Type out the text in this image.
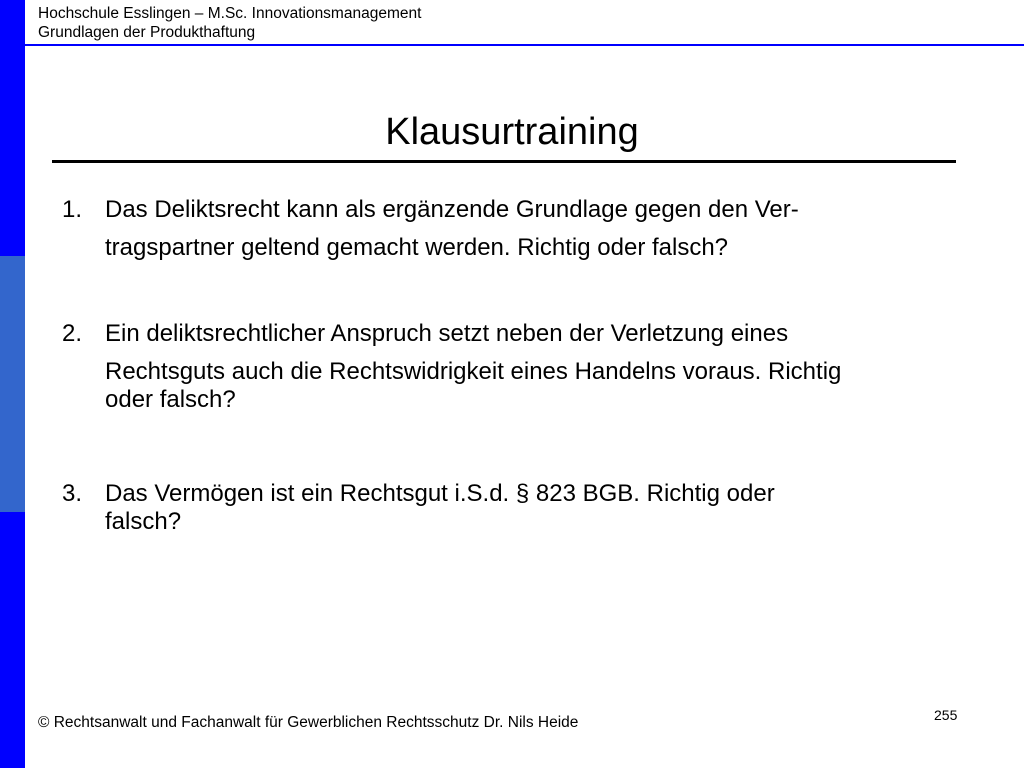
Hochschule Esslingen – M.Sc. Innovationsmanagement
Grundlagen der Produkthaftung
Klausurtraining
1. Das Deliktsrecht kann als ergänzende Grundlage gegen den Ver-
tragspartner geltend gemacht werden. Richtig oder falsch?
2. Ein deliktsrechtlicher Anspruch setzt neben der Verletzung eines
Rechtsguts auch die Rechtswidrigkeit eines Handelns voraus. Richtig
oder falsch?
3. Das Vermögen ist ein Rechtsgut i.S.d. § 823 BGB. Richtig oder
falsch?
255
© Rechtsanwalt und Fachanwalt für Gewerblichen Rechtsschutz Dr. Nils Heide
